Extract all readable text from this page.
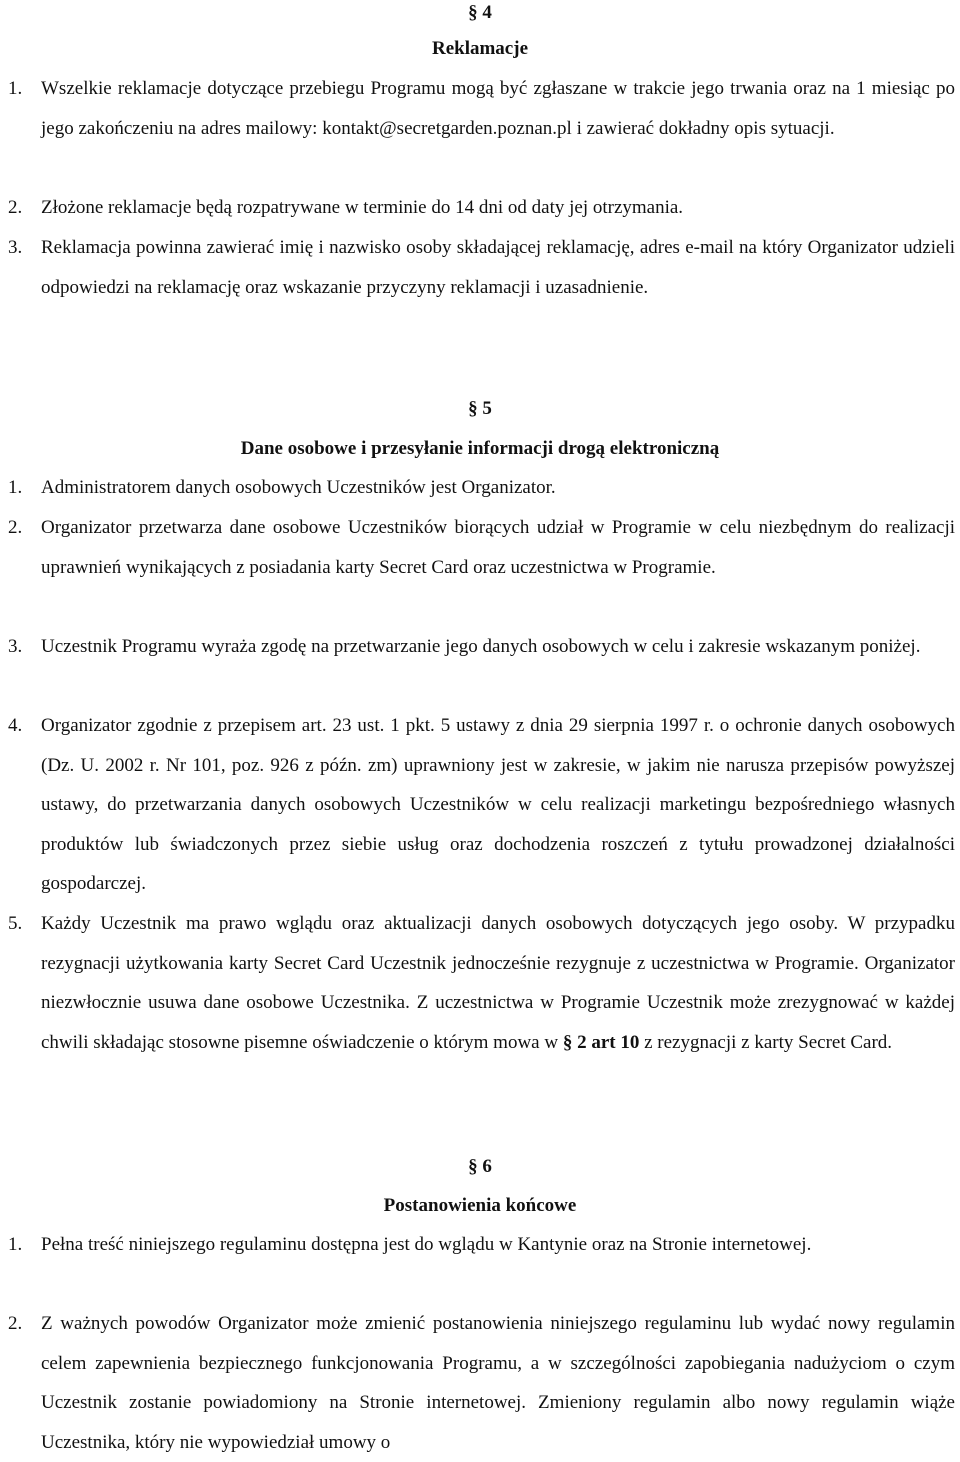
§ 4
Reklamacje
1. Wszelkie reklamacje dotyczące przebiegu Programu mogą być zgłaszane w trakcie jego trwania oraz na 1 miesiąc po jego zakończeniu na adres mailowy: kontakt@secretgarden.poznan.pl i zawierać dokładny opis sytuacji.
2. Złożone reklamacje będą rozpatrywane w terminie do 14 dni od daty jej otrzymania.
3. Reklamacja powinna zawierać imię i nazwisko osoby składającej reklamację, adres e-mail na który Organizator udzieli odpowiedzi na reklamację oraz wskazanie przyczyny reklamacji i uzasadnienie.
§ 5
Dane osobowe i przesyłanie informacji drogą elektroniczną
1. Administratorem danych osobowych Uczestników jest Organizator.
2. Organizator przetwarza dane osobowe Uczestników biorących udział w Programie w celu niezbędnym do realizacji uprawnień wynikających z posiadania karty Secret Card oraz uczestnictwa w Programie.
3. Uczestnik Programu wyraża zgodę na przetwarzanie jego danych osobowych w celu i zakresie wskazanym poniżej.
4. Organizator zgodnie z przepisem art. 23 ust. 1 pkt. 5 ustawy z dnia 29 sierpnia 1997 r. o ochronie danych osobowych (Dz. U. 2002 r. Nr 101, poz. 926 z późn. zm) uprawniony jest w zakresie, w jakim nie narusza przepisów powyższej ustawy, do przetwarzania danych osobowych Uczestników w celu realizacji marketingu bezpośredniego własnych produktów lub świadczonych przez siebie usług oraz dochodzenia roszczeń z tytułu prowadzonej działalności gospodarczej.
5. Każdy Uczestnik ma prawo wglądu oraz aktualizacji danych osobowych dotyczących jego osoby. W przypadku rezygnacji użytkowania karty Secret Card Uczestnik jednocześnie rezygnuje z uczestnictwa w Programie. Organizator niezwłocznie usuwa dane osobowe Uczestnika. Z uczestnictwa w Programie Uczestnik może zrezygnować w każdej chwili składając stosowne pisemne oświadczenie o którym mowa w § 2 art 10 z rezygnacji z karty Secret Card.
§ 6
Postanowienia końcowe
1. Pełna treść niniejszego regulaminu dostępna jest do wglądu w Kantynie oraz na Stronie internetowej.
2. Z ważnych powodów Organizator może zmienić postanowienia niniejszego regulaminu lub wydać nowy regulamin celem zapewnienia bezpiecznego funkcjonowania Programu, a w szczególności zapobiegania nadużyciom o czym Uczestnik zostanie powiadomiony na Stronie internetowej. Zmieniony regulamin albo nowy regulamin wiąże Uczestnika, który nie wypowiedział umowy o
